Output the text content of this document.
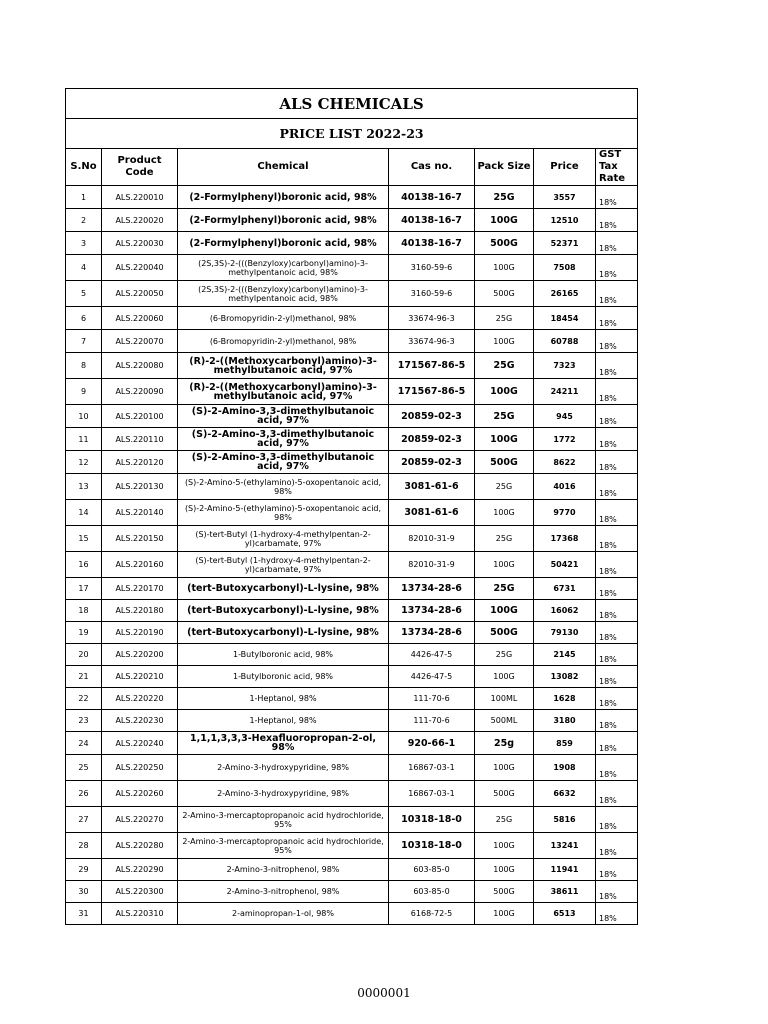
ALS CHEMICALS						
PRICE LIST 2022-23						
S.No	Product Code	Chemical	Cas no.	Pack Size	Price	GST Tax Rate
1	ALS.220010	(2-Formylphenyl)boronic acid, 98%	40138-16-7	25G	3557	18%
2	ALS.220020	(2-Formylphenyl)boronic acid, 98%	40138-16-7	100G	12510	18%
3	ALS.220030	(2-Formylphenyl)boronic acid, 98%	40138-16-7	500G	52371	18%
4	ALS.220040	(2S,3S)-2-(((Benzyloxy)carbonyl)amino)-3-methylpentanoic acid, 98%	3160-59-6	100G	7508	18%
5	ALS.220050	(2S,3S)-2-(((Benzyloxy)carbonyl)amino)-3-methylpentanoic acid, 98%	3160-59-6	500G	26165	18%
6	ALS.220060	(6-Bromopyridin-2-yl)methanol, 98%	33674-96-3	25G	18454	18%
7	ALS.220070	(6-Bromopyridin-2-yl)methanol, 98%	33674-96-3	100G	60788	18%
8	ALS.220080	(R)-2-((Methoxycarbonyl)amino)-3-methylbutanoic acid, 97%	171567-86-5	25G	7323	18%
9	ALS.220090	(R)-2-((Methoxycarbonyl)amino)-3-methylbutanoic acid, 97%	171567-86-5	100G	24211	18%
10	ALS.220100	(S)-2-Amino-3,3-dimethylbutanoic acid, 97%	20859-02-3	25G	945	18%
11	ALS.220110	(S)-2-Amino-3,3-dimethylbutanoic acid, 97%	20859-02-3	100G	1772	18%
12	ALS.220120	(S)-2-Amino-3,3-dimethylbutanoic acid, 97%	20859-02-3	500G	8622	18%
13	ALS.220130	(S)-2-Amino-5-(ethylamino)-5-oxopentanoic acid, 98%	3081-61-6	25G	4016	18%
14	ALS.220140	(S)-2-Amino-5-(ethylamino)-5-oxopentanoic acid, 98%	3081-61-6	100G	9770	18%
15	ALS.220150	(S)-tert-Butyl (1-hydroxy-4-methylpentan-2-yl)carbamate, 97%	82010-31-9	25G	17368	18%
16	ALS.220160	(S)-tert-Butyl (1-hydroxy-4-methylpentan-2-yl)carbamate, 97%	82010-31-9	100G	50421	18%
17	ALS.220170	(tert-Butoxycarbonyl)-L-lysine, 98%	13734-28-6	25G	6731	18%
18	ALS.220180	(tert-Butoxycarbonyl)-L-lysine, 98%	13734-28-6	100G	16062	18%
19	ALS.220190	(tert-Butoxycarbonyl)-L-lysine, 98%	13734-28-6	500G	79130	18%
20	ALS.220200	1-Butylboronic acid, 98%	4426-47-5	25G	2145	18%
21	ALS.220210	1-Butylboronic acid, 98%	4426-47-5	100G	13082	18%
22	ALS.220220	1-Heptanol, 98%	111-70-6	100ML	1628	18%
23	ALS.220230	1-Heptanol, 98%	111-70-6	500ML	3180	18%
24	ALS.220240	1,1,1,3,3,3-Hexafluoropropan-2-ol, 98%	920-66-1	25g	859	18%
25	ALS.220250	2-Amino-3-hydroxypyridine, 98%	16867-03-1	100G	1908	18%
26	ALS.220260	2-Amino-3-hydroxypyridine, 98%	16867-03-1	500G	6632	18%
27	ALS.220270	2-Amino-3-mercaptopropanoic acid hydrochloride, 95%	10318-18-0	25G	5816	18%
28	ALS.220280	2-Amino-3-mercaptopropanoic acid hydrochloride, 95%	10318-18-0	100G	13241	18%
29	ALS.220290	2-Amino-3-nitrophenol, 98%	603-85-0	100G	11941	18%
30	ALS.220300	2-Amino-3-nitrophenol, 98%	603-85-0	500G	38611	18%
31	ALS.220310	2-aminopropan-1-ol, 98%	6168-72-5	100G	6513	18%
0000001
